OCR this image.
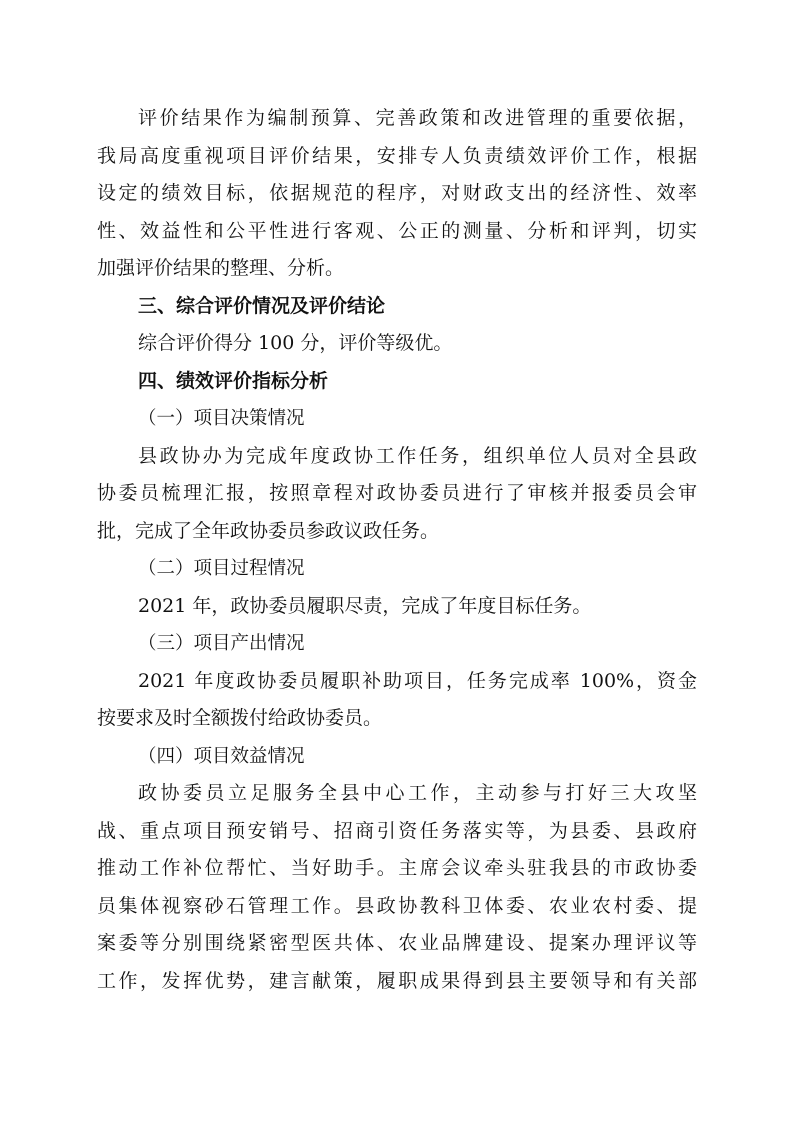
评价结果作为编制预算、完善政策和改进管理的重要依据，
我局高度重视项目评价结果，安排专人负责绩效评价工作，根据
设定的绩效目标，依据规范的程序，对财政支出的经济性、效率
性、效益性和公平性进行客观、公正的测量、分析和评判，切实
加强评价结果的整理、分析。
三、综合评价情况及评价结论
综合评价得分 100 分，评价等级优。
四、绩效评价指标分析
（一）项目决策情况
县政协办为完成年度政协工作任务，组织单位人员对全县政
协委员梳理汇报，按照章程对政协委员进行了审核并报委员会审
批，完成了全年政协委员参政议政任务。
（二）项目过程情况
2021 年，政协委员履职尽责，完成了年度目标任务。
（三）项目产出情况
2021 年度政协委员履职补助项目，任务完成率 100%，资金
按要求及时全额拨付给政协委员。
（四）项目效益情况
政协委员立足服务全县中心工作，主动参与打好三大攻坚
战、重点项目预安销号、招商引资任务落实等，为县委、县政府
推动工作补位帮忙、当好助手。主席会议牵头驻我县的市政协委
员集体视察砂石管理工作。县政协教科卫体委、农业农村委、提
案委等分别围绕紧密型医共体、农业品牌建设、提案办理评议等
工作，发挥优势，建言献策，履职成果得到县主要领导和有关部
